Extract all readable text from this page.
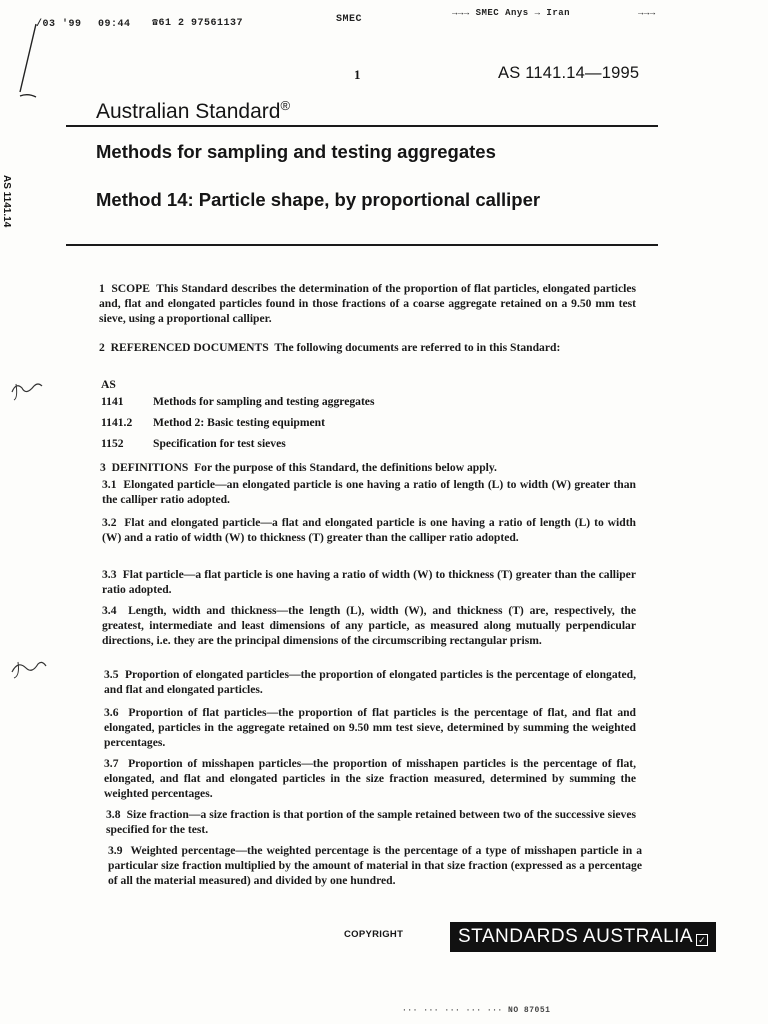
/03 '99 09:44 ☎61 2 97561137	SMEC
→→→ SMEC Anys → Iran	→→→
1	AS 1141.14—1995
AS 1141.14
Australian Standard®
Methods for sampling and testing aggregates
Method 14: Particle shape, by proportional calliper
1 SCOPE This Standard describes the determination of the proportion of flat particles, elongated particles and, flat and elongated particles found in those fractions of a coarse aggregate retained on a 9.50 mm test sieve, using a proportional calliper.
2 REFERENCED DOCUMENTS The following documents are referred to in this Standard:
AS
1141	Methods for sampling and testing aggregates
1141.2	Method 2: Basic testing equipment
1152	Specification for test sieves
3 DEFINITIONS For the purpose of this Standard, the definitions below apply.
3.1 Elongated particle—an elongated particle is one having a ratio of length (L) to width (W) greater than the calliper ratio adopted.
3.2 Flat and elongated particle—a flat and elongated particle is one having a ratio of length (L) to width (W) and a ratio of width (W) to thickness (T) greater than the calliper ratio adopted.
3.3 Flat particle—a flat particle is one having a ratio of width (W) to thickness (T) greater than the calliper ratio adopted.
3.4 Length, width and thickness—the length (L), width (W), and thickness (T) are, respectively, the greatest, intermediate and least dimensions of any particle, as measured along mutually perpendicular directions, i.e. they are the principal dimensions of the circumscribing rectangular prism.
3.5 Proportion of elongated particles—the proportion of elongated particles is the percentage of elongated, and flat and elongated particles.
3.6 Proportion of flat particles—the proportion of flat particles is the percentage of flat, and flat and elongated, particles in the aggregate retained on 9.50 mm test sieve, determined by summing the weighted percentages.
3.7 Proportion of misshapen particles—the proportion of misshapen particles is the percentage of flat, elongated, and flat and elongated particles in the size fraction measured, determined by summing the weighted percentages.
3.8 Size fraction—a size fraction is that portion of the sample retained between two of the successive sieves specified for the test.
3.9 Weighted percentage—the weighted percentage is the percentage of a type of misshapen particle in a particular size fraction multiplied by the amount of material in that size fraction (expressed as a percentage of all the material measured) and divided by one hundred.
COPYRIGHT	STANDARDS AUSTRALIA ✓
··· ··· ··· ··· ··· NO 87051
